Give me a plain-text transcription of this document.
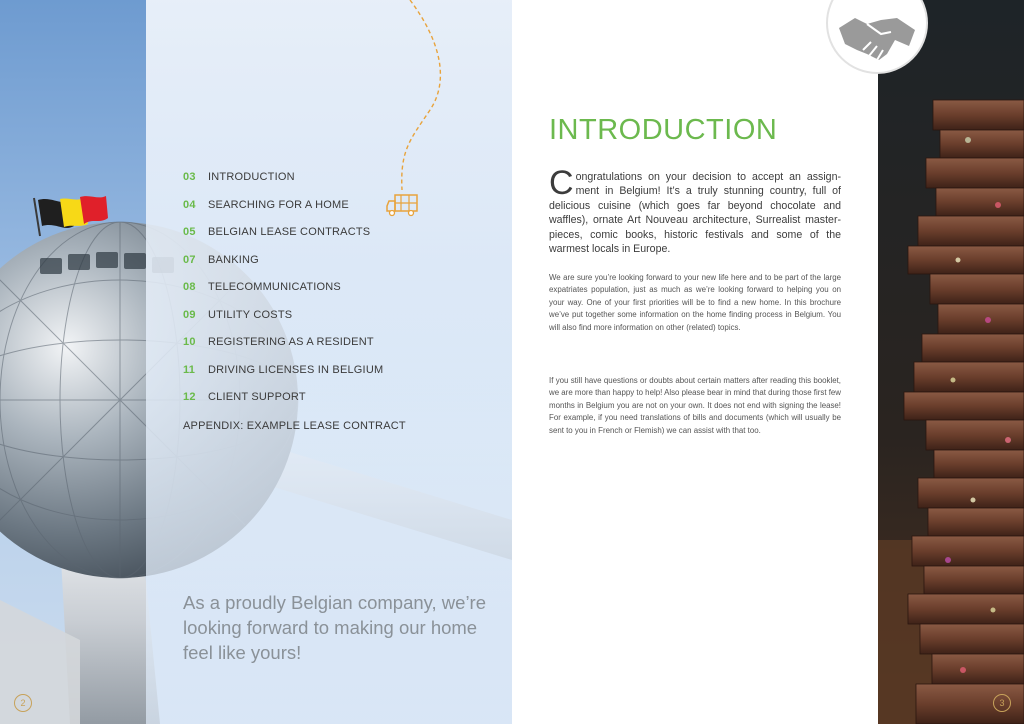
03	INTRODUCTION
04	SEARCHING FOR A HOME
05	BELGIAN LEASE CONTRACTS
07	BANKING
08	TELECOMMUNICATIONS
09	UTILITY COSTS
10	REGISTERING AS A RESIDENT
11	DRIVING LICENSES IN BELGIUM
12	CLIENT SUPPORT
APPENDIX: EXAMPLE LEASE CONTRACT
As a proudly Belgian company, we’re looking forward to making our home feel like yours!
2
INTRODUCTION
Congratulations on your decision to accept an assign-ment in Belgium! It’s a truly stunning country, full of delicious cuisine (which goes far beyond chocolate and waffles), ornate Art Nouveau architecture, Surrealist master-pieces, comic books, historic festivals and some of the warmest locals in Europe.
We are sure you’re looking forward to your new life here and to be part of the large expatriates population, just as much as we’re looking forward to helping you on your way. One of your first priorities will be to find a new home. In this brochure we’ve put together some information on the home finding process in Belgium. You will also find more information on other (related) topics.
If you still have questions or doubts about certain matters after reading this booklet, we are more than happy to help! Also please bear in mind that during those first few months in Belgium you are not on your own. It does not end with signing the lease! For example, if you need translations of bills and documents (which will usually be sent to you in French or Flemish) we can assist with that too.
3
